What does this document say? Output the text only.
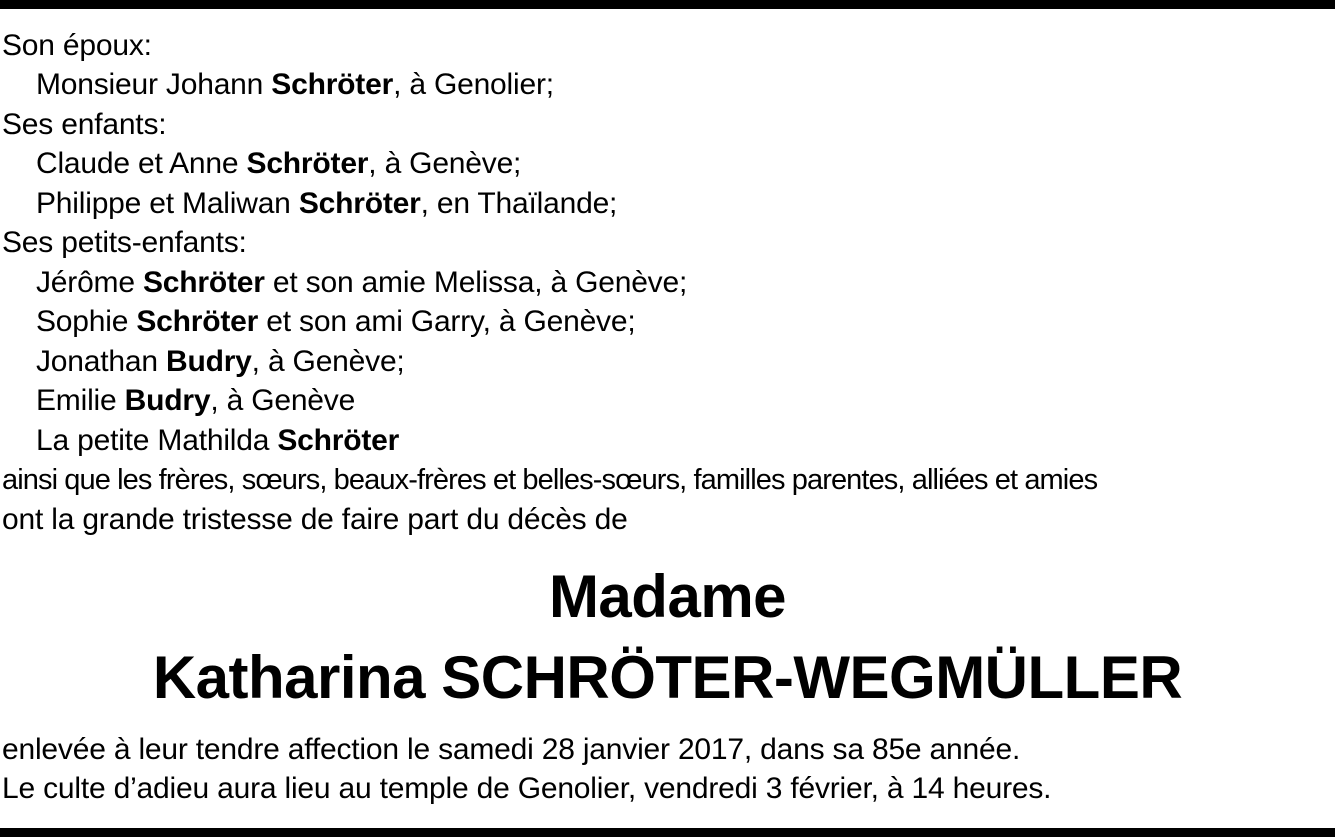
Son époux:
Monsieur Johann Schröter, à Genolier;
Ses enfants:
Claude et Anne Schröter, à Genève;
Philippe et Maliwan Schröter, en Thaïlande;
Ses petits-enfants:
Jérôme Schröter et son amie Melissa, à Genève;
Sophie Schröter et son ami Garry, à Genève;
Jonathan Budry, à Genève;
Emilie Budry, à Genève
La petite Mathilda Schröter
ainsi que les frères, sœurs, beaux-frères et belles-sœurs, familles parentes, alliées et amies
ont la grande tristesse de faire part du décès de
Madame
Katharina SCHRÖTER-WEGMÜLLER
enlevée à leur tendre affection le samedi 28 janvier 2017, dans sa 85e année.
Le culte d’adieu aura lieu au temple de Genolier, vendredi 3 février, à 14 heures.
